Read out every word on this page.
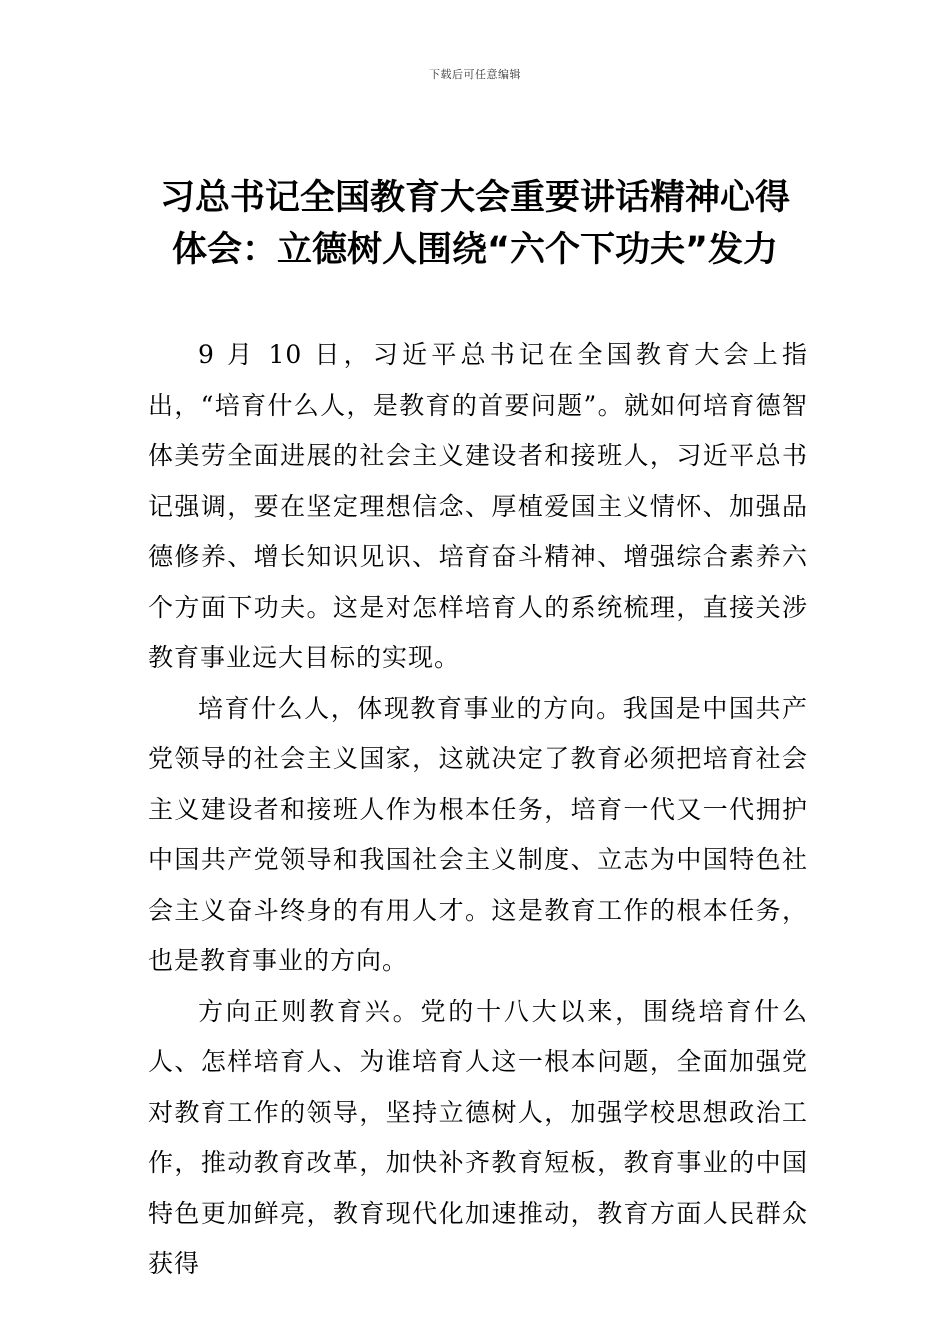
下载后可任意编辑
习总书记全国教育大会重要讲话精神心得
体会：立德树人围绕“六个下功夫”发力

9 月 10 日，习近平总书记在全国教育大会上指出，“培育什么人，是教育的首要问题”。就如何培育德智体美劳全面进展的社会主义建设者和接班人，习近平总书记强调，要在坚定理想信念、厚植爱国主义情怀、加强品德修养、增长知识见识、培育奋斗精神、增强综合素养六个方面下功夫。这是对怎样培育人的系统梳理，直接关涉教育事业远大目标的实现。

培育什么人，体现教育事业的方向。我国是中国共产党领导的社会主义国家，这就决定了教育必须把培育社会主义建设者和接班人作为根本任务，培育一代又一代拥护中国共产党领导和我国社会主义制度、立志为中国特色社会主义奋斗终身的有用人才。这是教育工作的根本任务，也是教育事业的方向。

方向正则教育兴。党的十八大以来，围绕培育什么人、怎样培育人、为谁培育人这一根本问题，全面加强党对教育工作的领导，坚持立德树人，加强学校思想政治工作，推动教育改革，加快补齐教育短板，教育事业的中国特色更加鲜亮，教育现代化加速推动，教育方面人民群众获得
